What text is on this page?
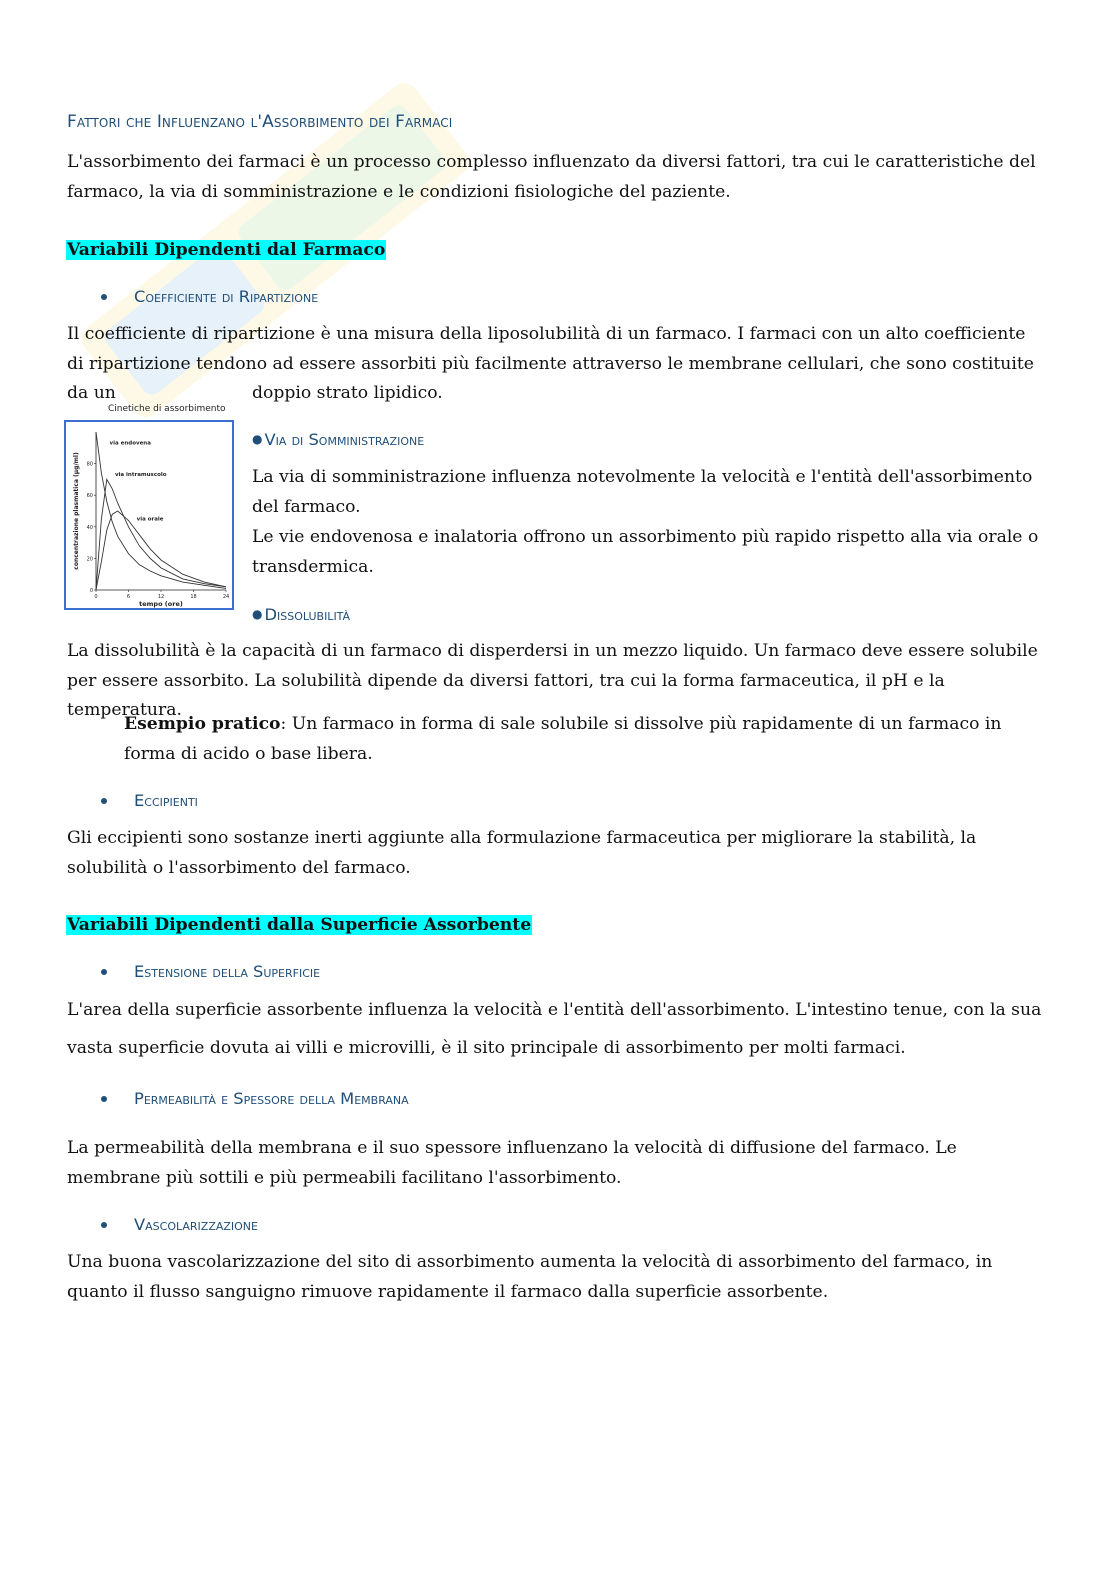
Fattori che Influenzano l'Assorbimento dei Farmaci

L'assorbimento dei farmaci è un processo complesso influenzato da diversi fattori, tra cui le caratteristiche del farmaco, la via di somministrazione e le condizioni fisiologiche del paziente.

Variabili Dipendenti dal Farmaco
Coefficiente di Ripartizione

Il coefficiente di ripartizione è una misura della liposolubilità di un farmaco. I farmaci con un alto coefficiente di ripartizione tendono ad essere assorbiti più facilmente attraverso le membrane cellulari, che sono costituite da un	doppio strato lipidico.

Cinetiche di assorbimento
0	6	12	18	24
0
20
40
60
80
tempo (ore)
concentrazione plasmatica (µg/ml)
via endovena
via intramuscolo
via orale
● Via di Somministrazione

La via di somministrazione influenza notevolmente la velocità e l'entità dell'assorbimento del farmaco.

Le vie endovenosa e inalatoria offrono un assorbimento più rapido rispetto alla via orale o transdermica.

● Dissolubilità

La dissolubilità è la capacità di un farmaco di disperdersi in un mezzo liquido. Un farmaco deve essere solubile per essere assorbito. La solubilità dipende da diversi fattori, tra cui la forma farmaceutica, il pH e la temperatura.

Esempio pratico: Un farmaco in forma di sale solubile si dissolve più rapidamente di un farmaco in forma di acido o base libera.

Eccipienti

Gli eccipienti sono sostanze inerti aggiunte alla formulazione farmaceutica per migliorare la stabilità, la solubilità o l'assorbimento del farmaco.

Variabili Dipendenti dalla Superficie Assorbente
Estensione della Superficie

L'area della superficie assorbente influenza la velocità e l'entità dell'assorbimento. L'intestino tenue, con la sua vasta superficie dovuta ai villi e microvilli, è il sito principale di assorbimento per molti farmaci.

Permeabilità e Spessore della Membrana

La permeabilità della membrana e il suo spessore influenzano la velocità di diffusione del farmaco. Le membrane più sottili e più permeabili facilitano l'assorbimento.

Vascolarizzazione

Una buona vascolarizzazione del sito di assorbimento aumenta la velocità di assorbimento del farmaco, in quanto il flusso sanguigno rimuove rapidamente il farmaco dalla superficie assorbente.
